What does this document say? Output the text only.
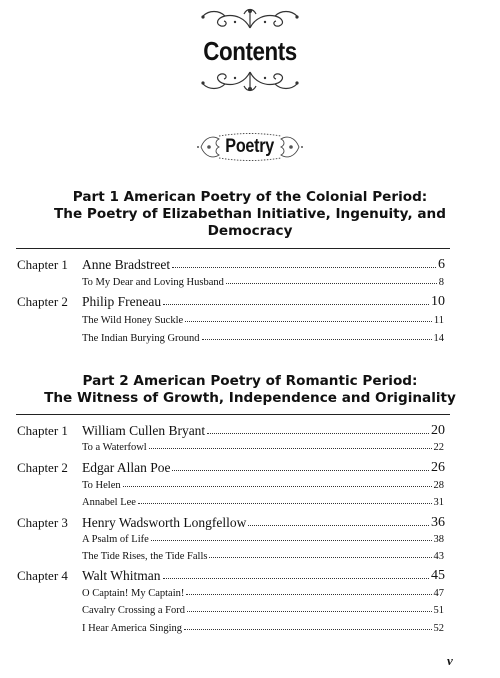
Contents
Poetry
Part 1 American Poetry of the Colonial Period:
The Poetry of Elizabethan Initiative, Ingenuity, and
Democracy
Chapter 1 Anne Bradstreet	6
To My Dear and Loving Husband	8
Chapter 2 Philip Freneau	10
The Wild Honey Suckle	11
The Indian Burying Ground	14
Part 2 American Poetry of Romantic Period:
The Witness of Growth, Independence and Originality
Chapter 1 William Cullen Bryant	20
To a Waterfowl	22
Chapter 2 Edgar Allan Poe	26
To Helen	28
Annabel Lee	31
Chapter 3 Henry Wadsworth Longfellow	36
A Psalm of Life	38
The Tide Rises, the Tide Falls	43
Chapter 4 Walt Whitman	45
O Captain! My Captain!	47
Cavalry Crossing a Ford	51
I Hear America Singing	52
v
